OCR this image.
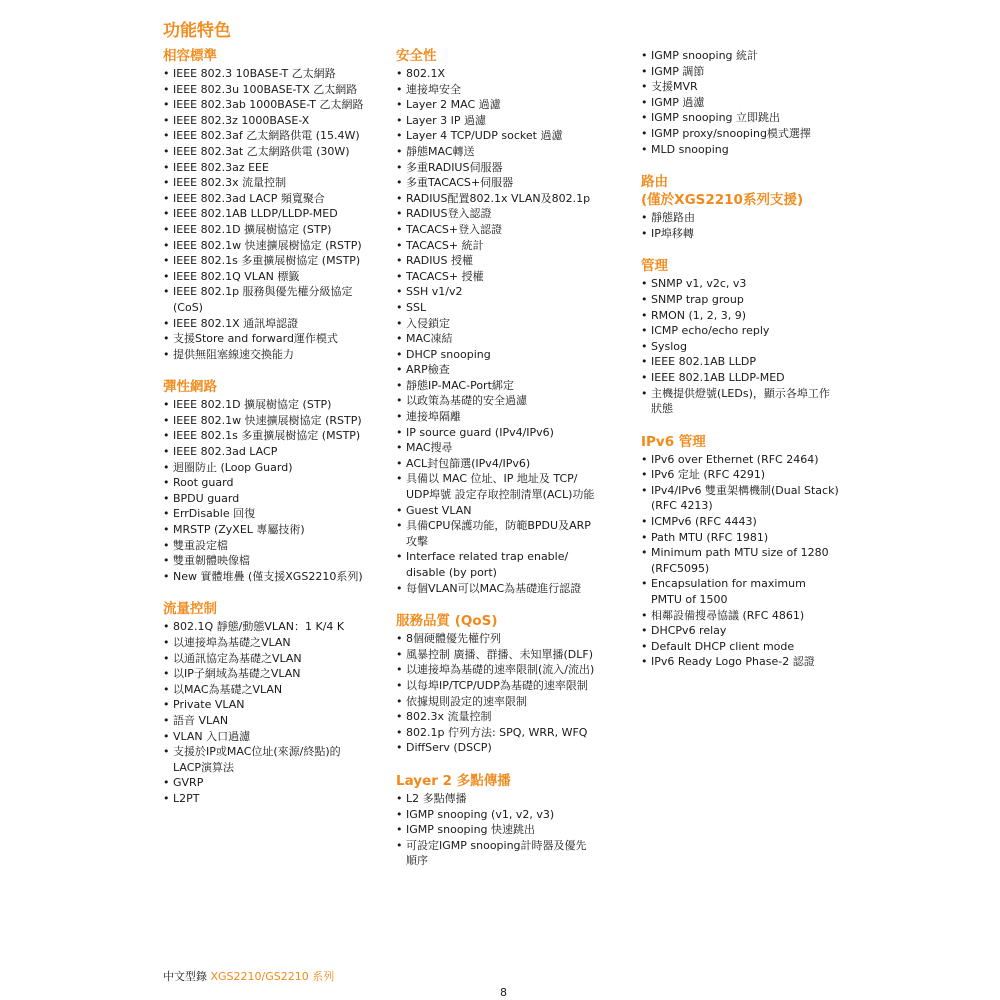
功能特色
相容標準
• IEEE 802.3 10BASE-T 乙太網路
• IEEE 802.3u 100BASE-TX 乙太網路
• IEEE 802.3ab 1000BASE-T 乙太網路
• IEEE 802.3z 1000BASE-X
• IEEE 802.3af 乙太網路供電 (15.4W)
• IEEE 802.3at 乙太網路供電 (30W)
• IEEE 802.3az EEE
• IEEE 802.3x 流量控制
• IEEE 802.3ad LACP 頻寬聚合
• IEEE 802.1AB LLDP/LLDP-MED
• IEEE 802.1D 擴展樹協定 (STP)
• IEEE 802.1w 快速擴展樹協定 (RSTP)
• IEEE 802.1s 多重擴展樹協定 (MSTP)
• IEEE 802.1Q VLAN 標籤
• IEEE 802.1p 服務與優先權分級協定
(CoS)
• IEEE 802.1X 通訊埠認證
• 支援Store and forward運作模式
• 提供無阻塞線速交換能力
彈性網路
• IEEE 802.1D 擴展樹協定 (STP)
• IEEE 802.1w 快速擴展樹協定 (RSTP)
• IEEE 802.1s 多重擴展樹協定 (MSTP)
• IEEE 802.3ad LACP
• 迴圈防止 (Loop Guard)
• Root guard
• BPDU guard
• ErrDisable 回復
• MRSTP (ZyXEL 專屬技術)
• 雙重設定檔
• 雙重韌體映像檔
• New 實體堆疊 (僅支援XGS2210系列)
流量控制
• 802.1Q 靜態/動態VLAN：1 K/4 K
• 以連接埠為基礎之VLAN
• 以通訊協定為基礎之VLAN
• 以IP子網域為基礎之VLAN
• 以MAC為基礎之VLAN
• Private VLAN
• 語音 VLAN
• VLAN 入口過濾
• 支援於IP或MAC位址(來源/終點)的
LACP演算法
• GVRP
• L2PT
安全性
• 802.1X
• 連接埠安全
• Layer 2 MAC 過濾
• Layer 3 IP 過濾
• Layer 4 TCP/UDP socket 過濾
• 靜態MAC轉送
• 多重RADIUS伺服器
• 多重TACACS+伺服器
• RADIUS配置802.1x VLAN及802.1p
• RADIUS登入認證
• TACACS+登入認證
• TACACS+ 統計
• RADIUS 授權
• TACACS+ 授權
• SSH v1/v2
• SSL
• 入侵鎖定
• MAC凍結
• DHCP snooping
• ARP檢查
• 靜態IP-MAC-Port綁定
• 以政策為基礎的安全過濾
• 連接埠隔離
• IP source guard (IPv4/IPv6)
• MAC搜尋
• ACL封包篩選(IPv4/IPv6)
• 具備以 MAC 位址、IP 地址及 TCP/
UDP埠號 設定存取控制清單(ACL)功能
• Guest VLAN
• 具備CPU保護功能，防範BPDU及ARP
攻擊
• Interface related trap enable/
disable (by port)
• 每個VLAN可以MAC為基礎進行認證
服務品質 (QoS)
• 8個硬體優先權佇列
• 風暴控制 廣播、群播、未知單播(DLF)
• 以連接埠為基礎的速率限制(流入/流出)
• 以每埠IP/TCP/UDP為基礎的速率限制
• 依據規則設定的速率限制
• 802.3x 流量控制
• 802.1p 佇列方法: SPQ, WRR, WFQ
• DiffServ (DSCP)
Layer 2 多點傳播
• L2 多點傳播
• IGMP snooping (v1, v2, v3)
• IGMP snooping 快速跳出
• 可設定IGMP snooping計時器及優先
順序
• IGMP snooping 統計
• IGMP 調節
• 支援MVR
• IGMP 過濾
• IGMP snooping 立即跳出
• IGMP proxy/snooping模式選擇
• MLD snooping
路由
(僅於XGS2210系列支援)
• 靜態路由
• IP埠移轉
管理
• SNMP v1, v2c, v3
• SNMP trap group
• RMON (1, 2, 3, 9)
• ICMP echo/echo reply
• Syslog
• IEEE 802.1AB LLDP
• IEEE 802.1AB LLDP-MED
• 主機提供燈號(LEDs)，顯示各埠工作
狀態
IPv6 管理
• IPv6 over Ethernet (RFC 2464)
• IPv6 定址 (RFC 4291)
• IPv4/IPv6 雙重架構機制(Dual Stack)
(RFC 4213)
• ICMPv6 (RFC 4443)
• Path MTU (RFC 1981)
• Minimum path MTU size of 1280
(RFC5095)
• Encapsulation for maximum
PMTU of 1500
• 相鄰設備搜尋協議 (RFC 4861)
• DHCPv6 relay
• Default DHCP client mode
• IPv6 Ready Logo Phase-2 認證
中文型錄 XGS2210/GS2210 系列
8
